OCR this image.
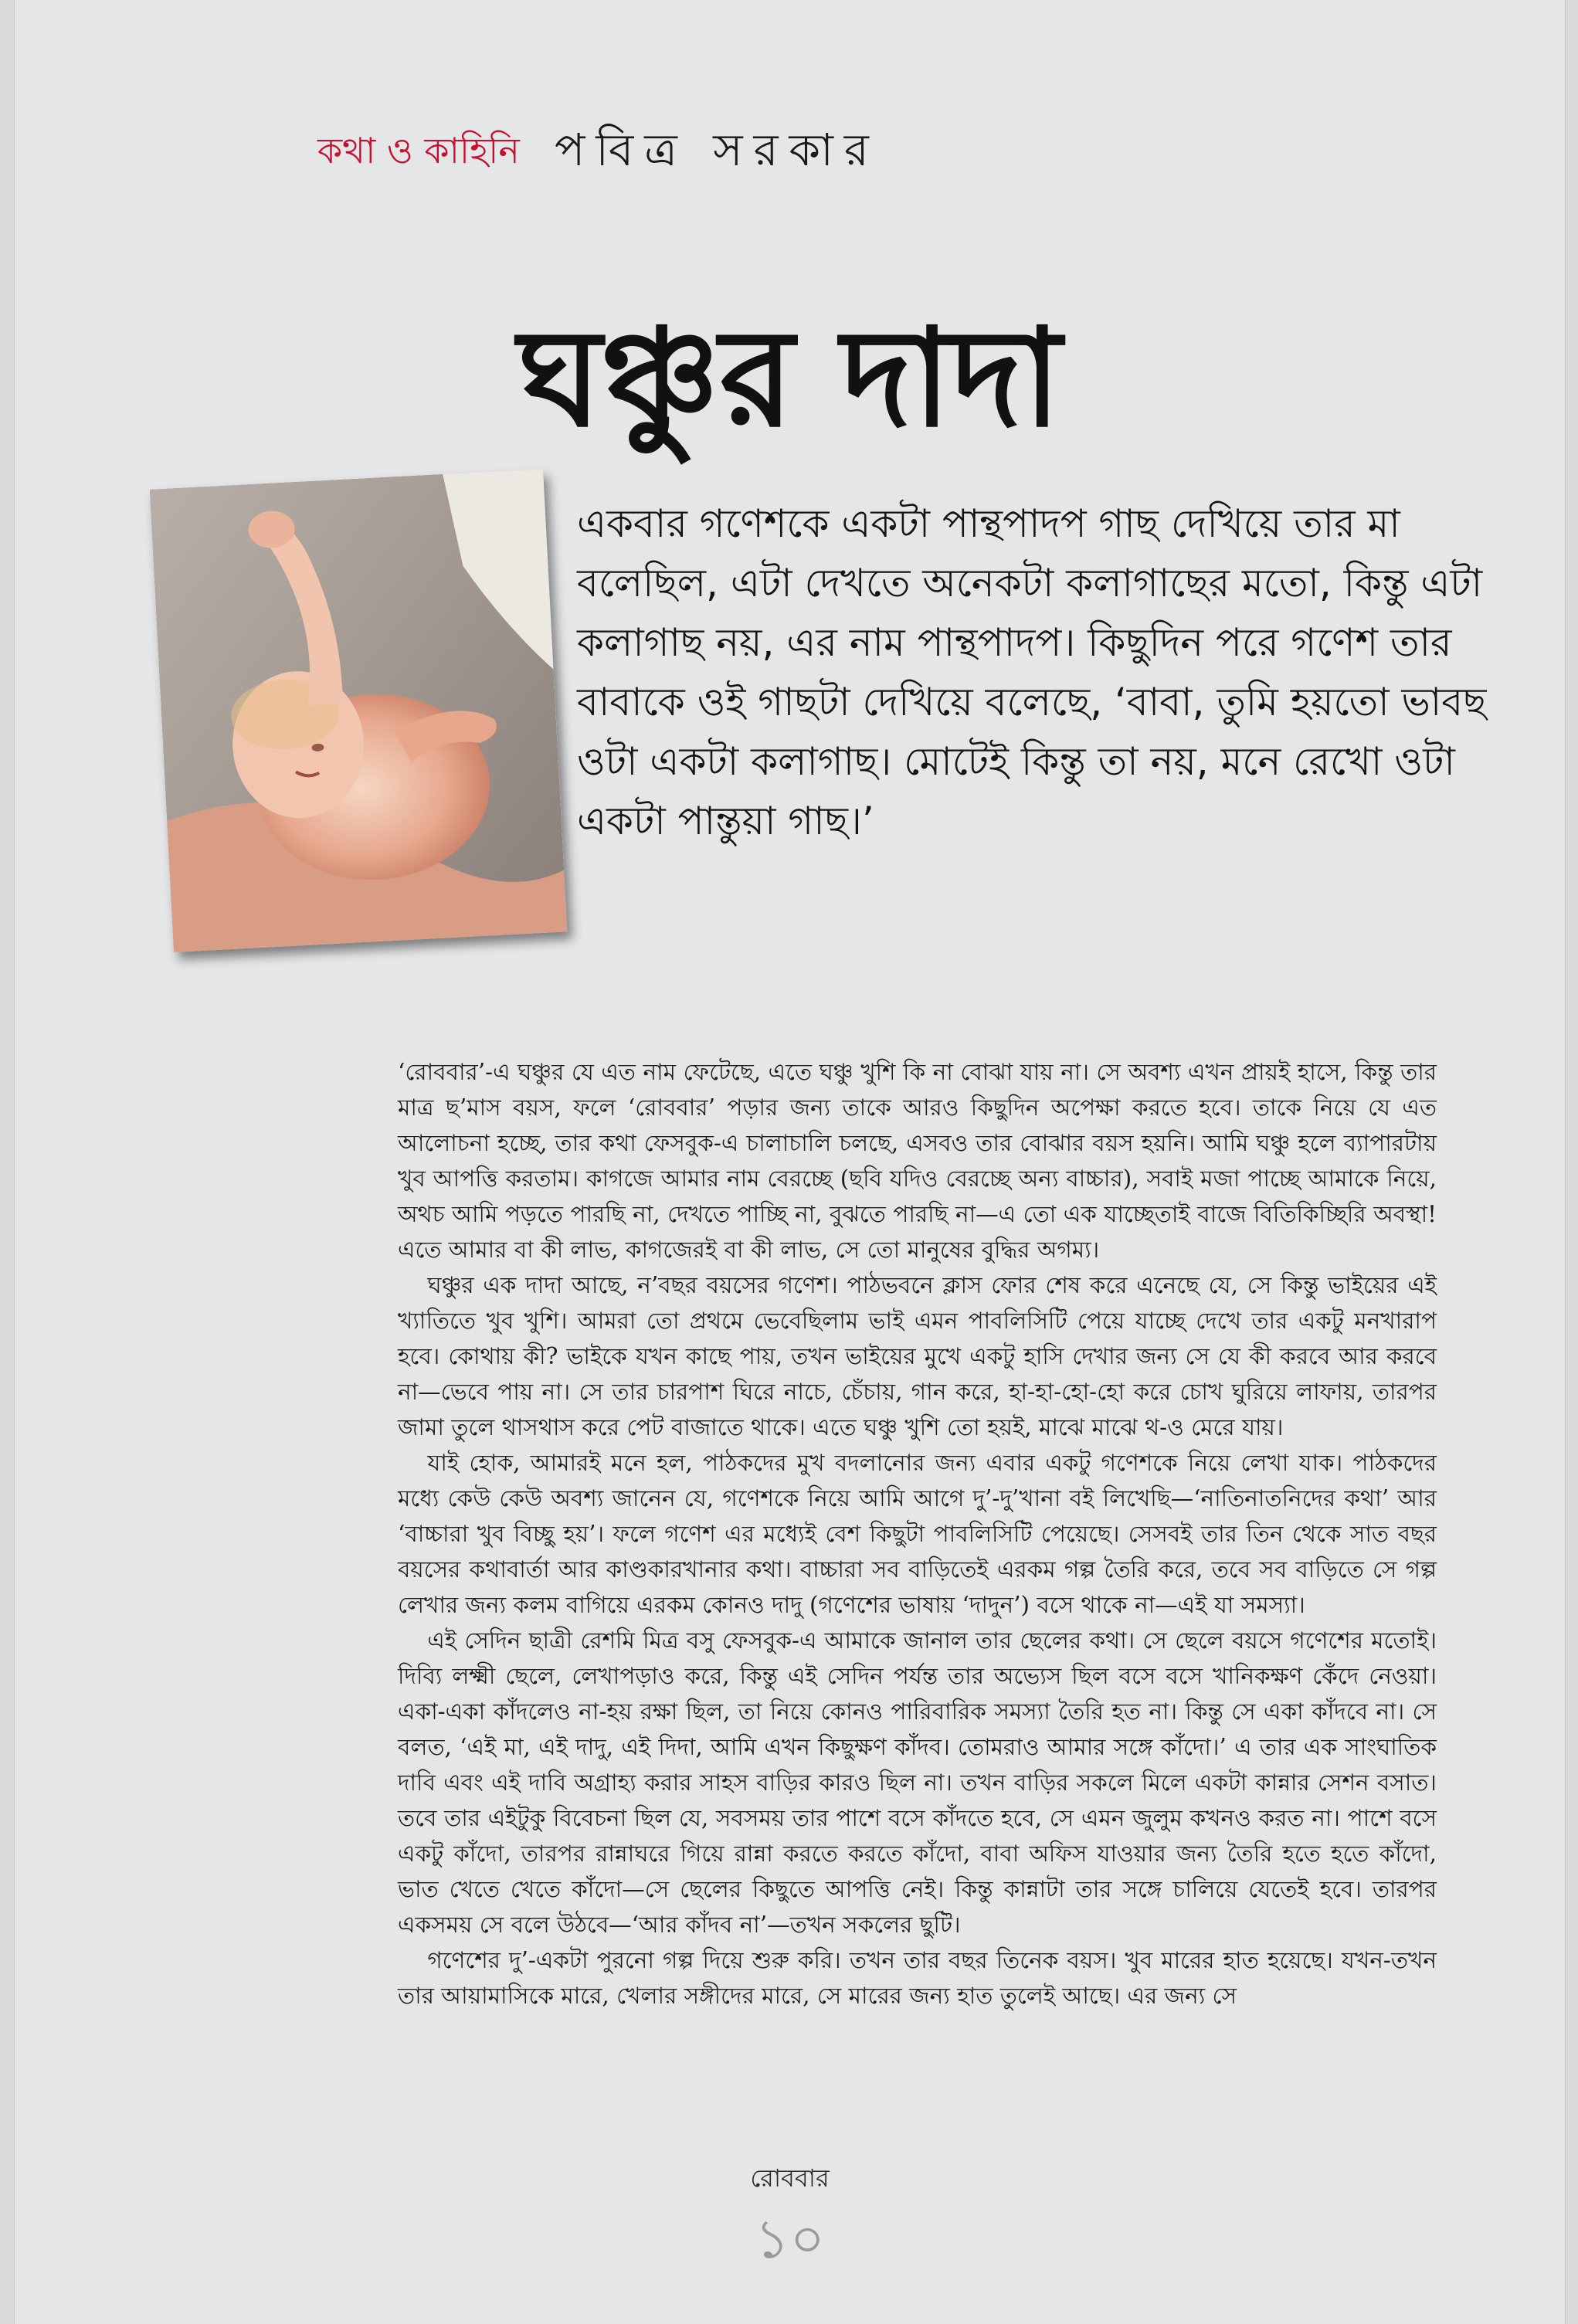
কথা ও কাহিনি পবিত্র সরকার
ঘঞ্চুর দাদা
একবার গণেশকে একটা পান্থপাদপ গাছ দেখিয়ে তার মা বলেছিল, এটা দেখতে অনেকটা কলাগাছের মতো, কিন্তু এটা কলাগাছ নয়, এর নাম পান্থপাদপ। কিছুদিন পরে গণেশ তার বাবাকে ওই গাছটা দেখিয়ে বলেছে, ‘বাবা, তুমি হয়তো ভাবছ ওটা একটা কলাগাছ। মোটেই কিন্তু তা নয়, মনে রেখো ওটা একটা পান্তুয়া গাছ।’

‘রোববার’-এ ঘঞ্চুর যে এত নাম ফেটেছে, এতে ঘঞ্চু খুশি কি না বোঝা যায় না। সে অবশ্য এখন প্রায়ই হাসে, কিন্তু তার মাত্র ছ’মাস বয়স, ফলে ‘রোববার’ পড়ার জন্য তাকে আরও কিছুদিন অপেক্ষা করতে হবে। তাকে নিয়ে যে এত আলোচনা হচ্ছে, তার কথা ফেসবুক-এ চালাচালি চলছে, এসবও তার বোঝার বয়স হয়নি। আমি ঘঞ্চু হলে ব্যাপারটায় খুব আপত্তি করতাম। কাগজে আমার নাম বেরচ্ছে (ছবি যদিও বেরচ্ছে অন্য বাচ্চার), সবাই মজা পাচ্ছে আমাকে নিয়ে, অথচ আমি পড়তে পারছি না, দেখতে পাচ্ছি না, বুঝতে পারছি না—এ তো এক যাচ্ছেতাই বাজে বিতিকিচ্ছিরি অবস্থা! এতে আমার বা কী লাভ, কাগজেরই বা কী লাভ, সে তো মানুষের বুদ্ধির অগম্য।

ঘঞ্চুর এক দাদা আছে, ন’বছর বয়সের গণেশ। পাঠভবনে ক্লাস ফোর শেষ করে এনেছে যে, সে কিন্তু ভাইয়ের এই খ্যাতিতে খুব খুশি। আমরা তো প্রথমে ভেবেছিলাম ভাই এমন পাবলিসিটি পেয়ে যাচ্ছে দেখে তার একটু মনখারাপ হবে। কোথায় কী? ভাইকে যখন কাছে পায়, তখন ভাইয়ের মুখে একটু হাসি দেখার জন্য সে যে কী করবে আর করবে না—ভেবে পায় না। সে তার চারপাশ ঘিরে নাচে, চেঁচায়, গান করে, হা-হা-হো-হো করে চোখ ঘুরিয়ে লাফায়, তারপর জামা তুলে থাসথাস করে পেট বাজাতে থাকে। এতে ঘঞ্চু খুশি তো হয়ই, মাঝে মাঝে থ-ও মেরে যায়।

যাই হোক, আমারই মনে হল, পাঠকদের মুখ বদলানোর জন্য এবার একটু গণেশকে নিয়ে লেখা যাক। পাঠকদের মধ্যে কেউ কেউ অবশ্য জানেন যে, গণেশকে নিয়ে আমি আগে দু’-দু’খানা বই লিখেছি—‘নাতিনাতনিদের কথা’ আর ‘বাচ্চারা খুব বিচ্ছু হয়’। ফলে গণেশ এর মধ্যেই বেশ কিছুটা পাবলিসিটি পেয়েছে। সেসবই তার তিন থেকে সাত বছর বয়সের কথাবার্তা আর কাণ্ডকারখানার কথা। বাচ্চারা সব বাড়িতেই এরকম গল্প তৈরি করে, তবে সব বাড়িতে সে গল্প লেখার জন্য কলম বাগিয়ে এরকম কোনও দাদু (গণেশের ভাষায় ‘দাদুন’) বসে থাকে না—এই যা সমস্যা।

এই সেদিন ছাত্রী রেশমি মিত্র বসু ফেসবুক-এ আমাকে জানাল তার ছেলের কথা। সে ছেলে বয়সে গণেশের মতোই। দিব্যি লক্ষ্মী ছেলে, লেখাপড়াও করে, কিন্তু এই সেদিন পর্যন্ত তার অভ্যেস ছিল বসে বসে খানিকক্ষণ কেঁদে নেওয়া। একা-একা কাঁদলেও না-হয় রক্ষা ছিল, তা নিয়ে কোনও পারিবারিক সমস্যা তৈরি হত না। কিন্তু সে একা কাঁদবে না। সে বলত, ‘এই মা, এই দাদু, এই দিদা, আমি এখন কিছুক্ষণ কাঁদব। তোমরাও আমার সঙ্গে কাঁদো।’ এ তার এক সাংঘাতিক দাবি এবং এই দাবি অগ্রাহ্য করার সাহস বাড়ির কারও ছিল না। তখন বাড়ির সকলে মিলে একটা কান্নার সেশন বসাত। তবে তার এইটুকু বিবেচনা ছিল যে, সবসময় তার পাশে বসে কাঁদতে হবে, সে এমন জুলুম কখনও করত না। পাশে বসে একটু কাঁদো, তারপর রান্নাঘরে গিয়ে রান্না করতে করতে কাঁদো, বাবা অফিস যাওয়ার জন্য তৈরি হতে হতে কাঁদো, ভাত খেতে খেতে কাঁদো—সে ছেলের কিছুতে আপত্তি নেই। কিন্তু কান্নাটা তার সঙ্গে চালিয়ে যেতেই হবে। তারপর একসময় সে বলে উঠবে—‘আর কাঁদব না’—তখন সকলের ছুটি।

গণেশের দু’-একটা পুরনো গল্প দিয়ে শুরু করি। তখন তার বছর তিনেক বয়স। খুব মারের হাত হয়েছে। যখন-তখন তার আয়ামাসিকে মারে, খেলার সঙ্গীদের মারে, সে মারের জন্য হাত তুলেই আছে। এর জন্য সে

রোববার
১০
